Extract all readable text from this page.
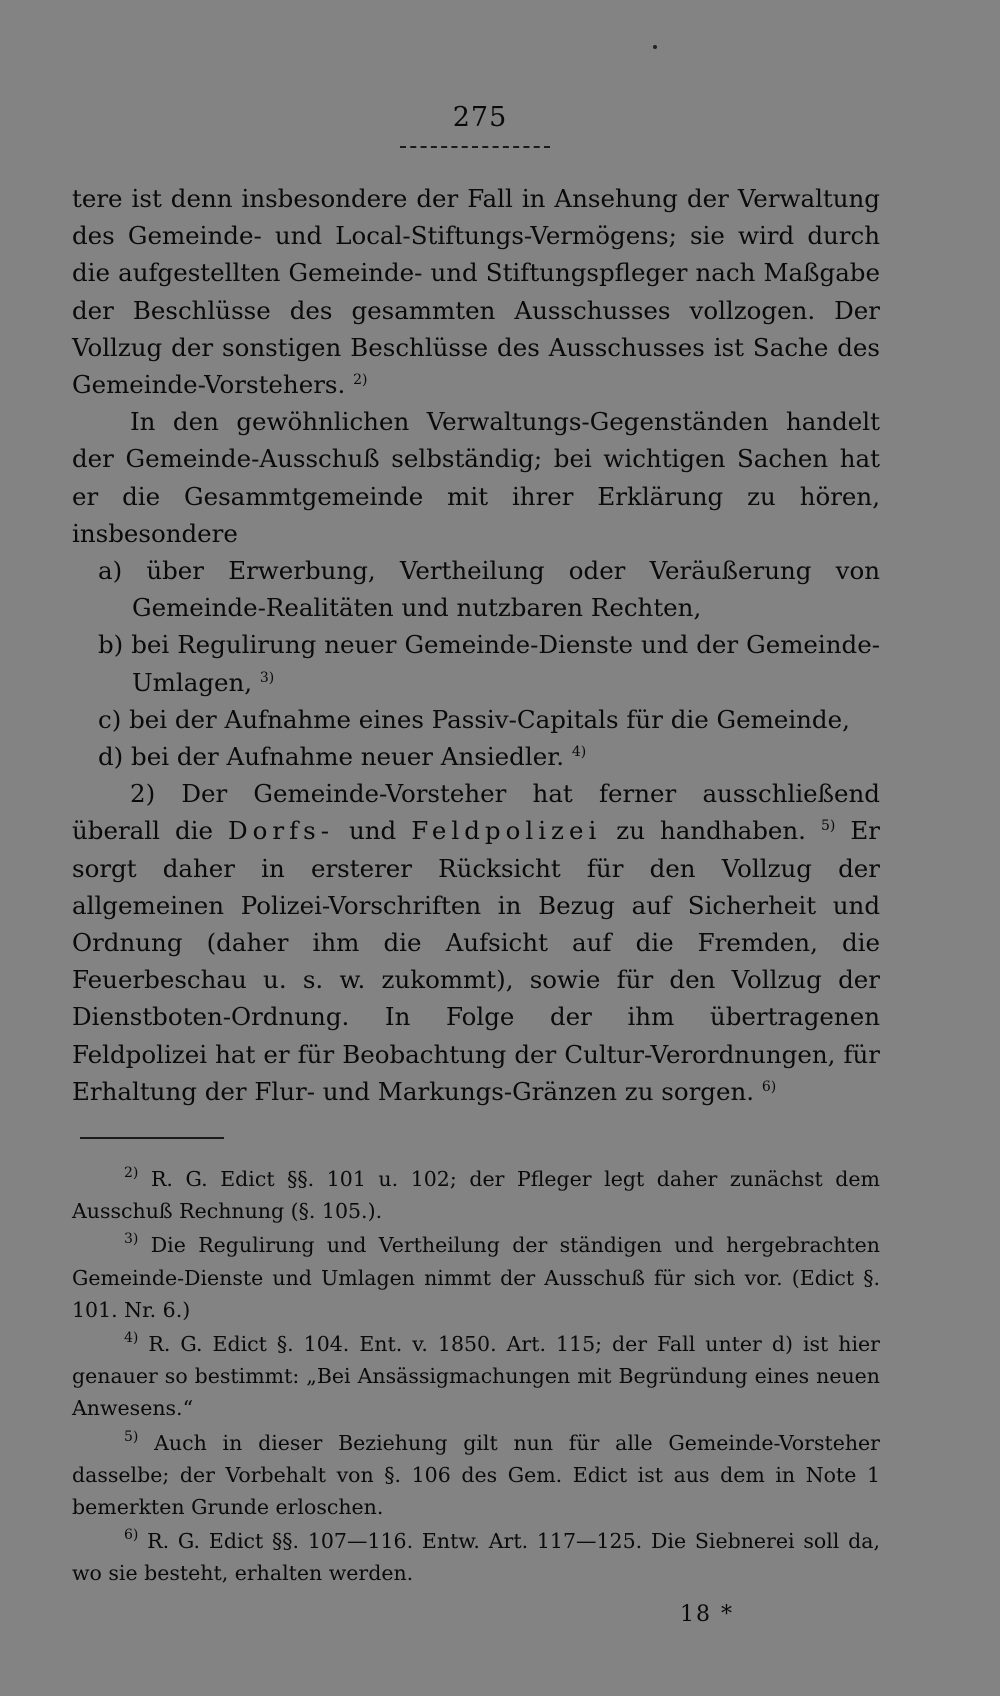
275

tere ist denn insbesondere der Fall in Ansehung der Verwaltung des Gemeinde- und Local-Stiftungs-Vermögens; sie wird durch die aufgestellten Gemeinde- und Stiftungspfleger nach Maßgabe der Beschlüsse des gesammten Ausschusses vollzogen. Der Vollzug der sonstigen Beschlüsse des Ausschusses ist Sache des Gemeinde-Vorstehers. $^{2)}$

In den gewöhnlichen Verwaltungs-Gegenständen handelt der Gemeinde-Ausschuß selbständig; bei wichtigen Sachen hat er die Gesammtgemeinde mit ihrer Erklärung zu hören, insbesondere

a) über Erwerbung, Vertheilung oder Veräußerung von Gemeinde-Realitäten und nutzbaren Rechten,
b) bei Regulirung neuer Gemeinde-Dienste und der Gemeinde-Umlagen, $^{3)}$
c) bei der Aufnahme eines Passiv-Capitals für die Gemeinde,
d) bei der Aufnahme neuer Ansiedler. $^{4)}$

2) Der Gemeinde-Vorsteher hat ferner ausschließend überall die Dorfs- und Feldpolizei zu handhaben. $^{5)}$ Er sorgt daher in ersterer Rücksicht für den Vollzug der allgemeinen Polizei-Vorschriften in Bezug auf Sicherheit und Ordnung (daher ihm die Aufsicht auf die Fremden, die Feuerbeschau u. s. w. zukommt), sowie für den Vollzug der Dienstboten-Ordnung. In Folge der ihm übertragenen Feldpolizei hat er für Beobachtung der Cultur-Verordnungen, für Erhaltung der Flur- und Markungs-Gränzen zu sorgen. $^{6)}$

$^{2)}$ R. G. Edict §§. 101 u. 102; der Pfleger legt daher zunächst dem Ausschuß Rechnung (§. 105.).

$^{3)}$ Die Regulirung und Vertheilung der ständigen und hergebrachten Gemeinde-Dienste und Umlagen nimmt der Ausschuß für sich vor. (Edict §. 101. Nr. 6.)

$^{4)}$ R. G. Edict §. 104. Ent. v. 1850. Art. 115; der Fall unter d) ist hier genauer so bestimmt: „Bei Ansässigmachungen mit Begründung eines neuen Anwesens.“

$^{5)}$ Auch in dieser Beziehung gilt nun für alle Gemeinde-Vorsteher dasselbe; der Vorbehalt von §. 106 des Gem. Edict ist aus dem in Note 1 bemerkten Grunde erloschen.

$^{6)}$ R. G. Edict §§. 107—116. Entw. Art. 117—125. Die Siebnerei soll da, wo sie besteht, erhalten werden.

18 *
